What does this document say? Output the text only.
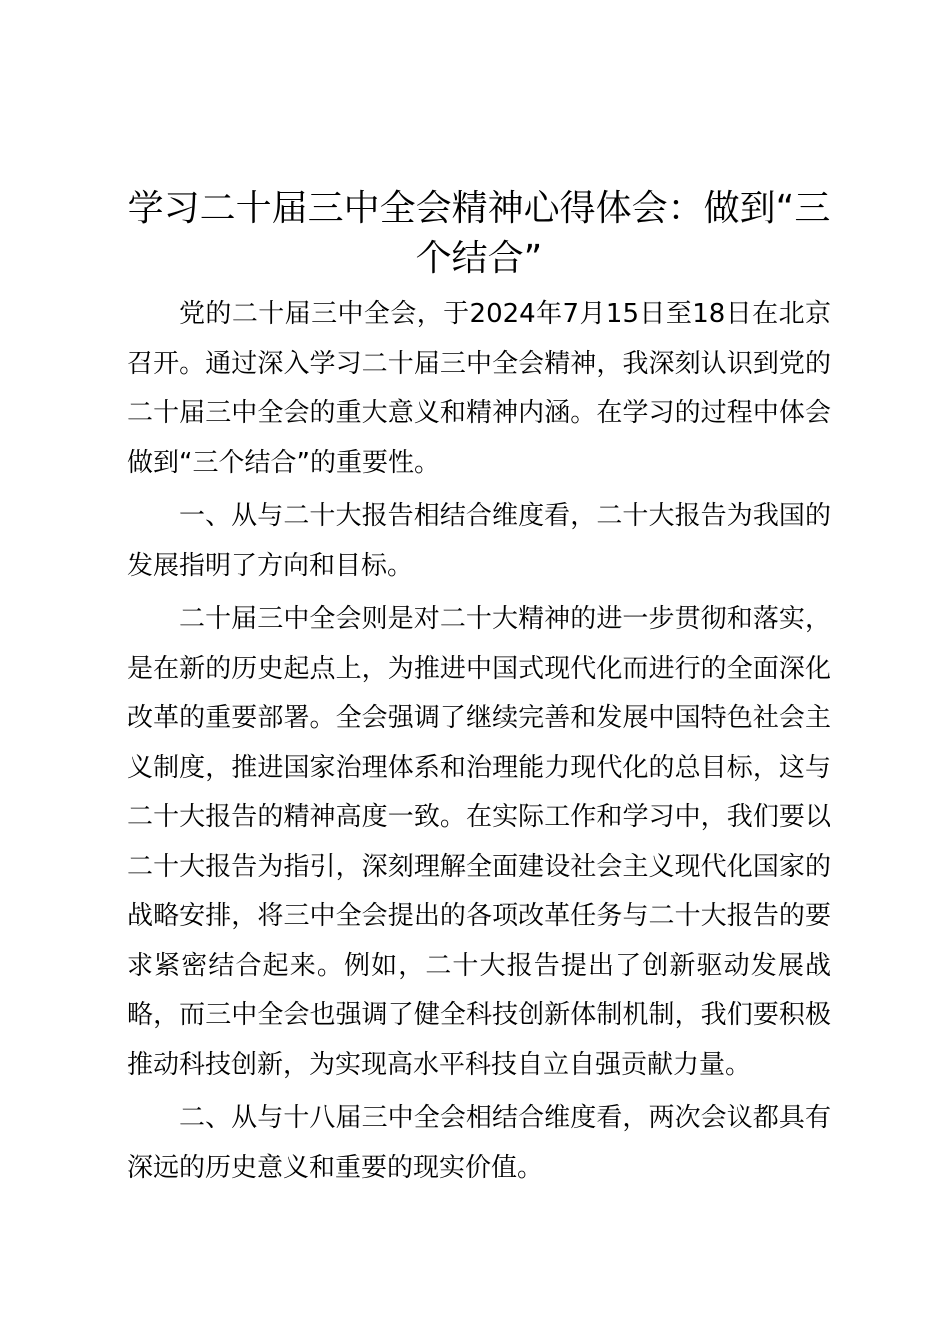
学习二十届三中全会精神心得体会：做到“三个结合”

党的二十届三中全会，于2024年7月15日至18日在北京召开。通过深入学习二十届三中全会精神，我深刻认识到党的二十届三中全会的重大意义和精神内涵。在学习的过程中体会做到“三个结合”的重要性。

一、从与二十大报告相结合维度看，二十大报告为我国的发展指明了方向和目标。

二十届三中全会则是对二十大精神的进一步贯彻和落实，是在新的历史起点上，为推进中国式现代化而进行的全面深化改革的重要部署。全会强调了继续完善和发展中国特色社会主义制度，推进国家治理体系和治理能力现代化的总目标，这与二十大报告的精神高度一致。在实际工作和学习中，我们要以二十大报告为指引，深刻理解全面建设社会主义现代化国家的战略安排，将三中全会提出的各项改革任务与二十大报告的要求紧密结合起来。例如，二十大报告提出了创新驱动发展战略，而三中全会也强调了健全科技创新体制机制，我们要积极推动科技创新，为实现高水平科技自立自强贡献力量。

二、从与十八届三中全会相结合维度看，两次会议都具有深远的历史意义和重要的现实价值。
